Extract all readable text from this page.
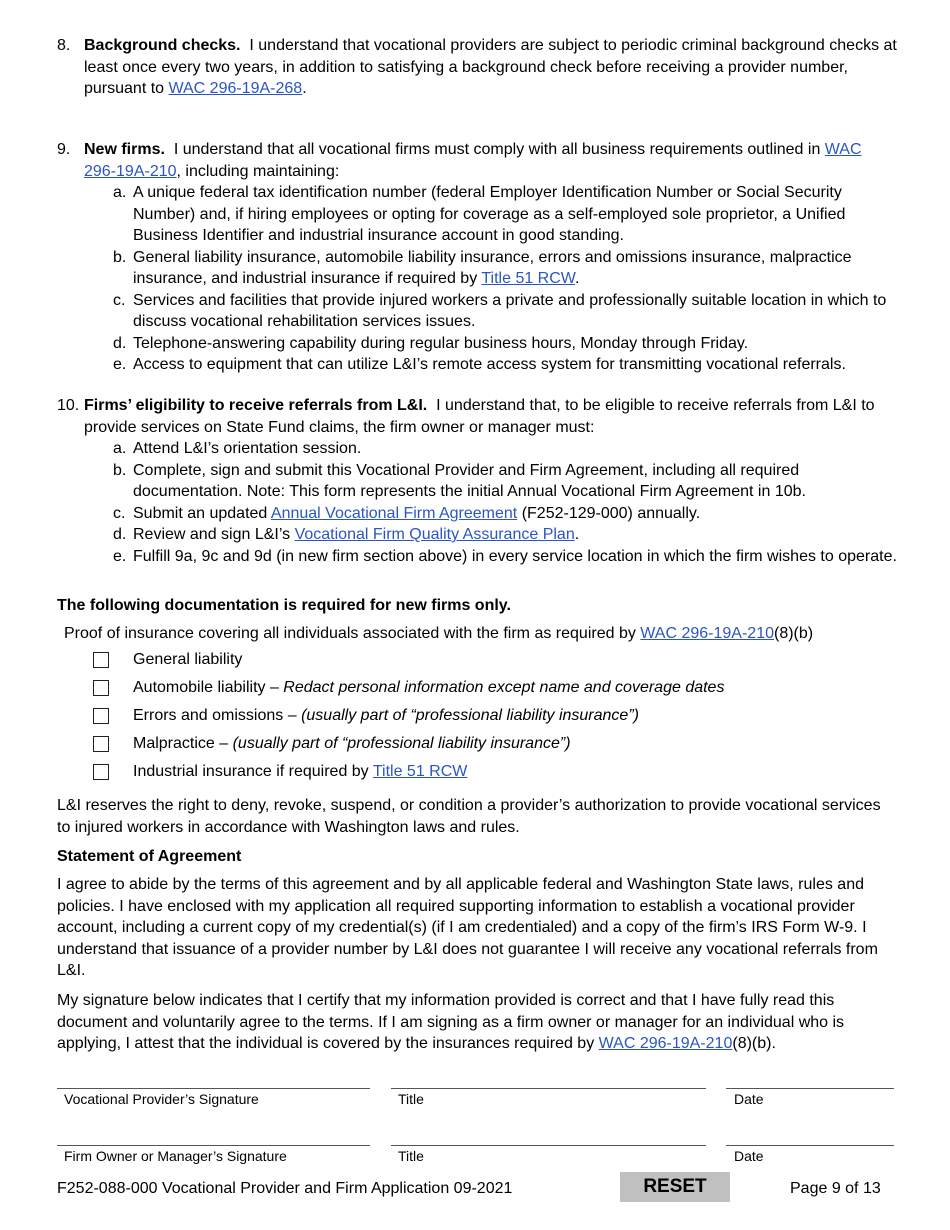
8. Background checks.  I understand that vocational providers are subject to periodic criminal background checks at least once every two years, in addition to satisfying a background check before receiving a provider number, pursuant to WAC 296-19A-268.
9. New firms.  I understand that all vocational firms must comply with all business requirements outlined in WAC 296-19A-210, including maintaining:
a. A unique federal tax identification number (federal Employer Identification Number or Social Security Number) and, if hiring employees or opting for coverage as a self-employed sole proprietor, a Unified Business Identifier and industrial insurance account in good standing.
b. General liability insurance, automobile liability insurance, errors and omissions insurance, malpractice insurance, and industrial insurance if required by Title 51 RCW.
c. Services and facilities that provide injured workers a private and professionally suitable location in which to discuss vocational rehabilitation services issues.
d. Telephone-answering capability during regular business hours, Monday through Friday.
e. Access to equipment that can utilize L&I’s remote access system for transmitting vocational referrals.
10. Firms’ eligibility to receive referrals from L&I.  I understand that, to be eligible to receive referrals from L&I to provide services on State Fund claims, the firm owner or manager must:
a. Attend L&I’s orientation session.
b. Complete, sign and submit this Vocational Provider and Firm Agreement, including all required documentation. Note: This form represents the initial Annual Vocational Firm Agreement in 10b.
c. Submit an updated Annual Vocational Firm Agreement (F252-129-000) annually.
d. Review and sign L&I’s Vocational Firm Quality Assurance Plan.
e. Fulfill 9a, 9c and 9d (in new firm section above) in every service location in which the firm wishes to operate.
The following documentation is required for new firms only.
Proof of insurance covering all individuals associated with the firm as required by WAC 296-19A-210(8)(b)
General liability
Automobile liability – Redact personal information except name and coverage dates
Errors and omissions – (usually part of “professional liability insurance”)
Malpractice – (usually part of “professional liability insurance”)
Industrial insurance if required by Title 51 RCW
L&I reserves the right to deny, revoke, suspend, or condition a provider’s authorization to provide vocational services to injured workers in accordance with Washington laws and rules.
Statement of Agreement
I agree to abide by the terms of this agreement and by all applicable federal and Washington State laws, rules and policies. I have enclosed with my application all required supporting information to establish a vocational provider account, including a current copy of my credential(s) (if I am credentialed) and a copy of the firm’s IRS Form W-9. I understand that issuance of a provider number by L&I does not guarantee I will receive any vocational referrals from L&I.
My signature below indicates that I certify that my information provided is correct and that I have fully read this document and voluntarily agree to the terms. If I am signing as a firm owner or manager for an individual who is applying, I attest that the individual is covered by the insurances required by WAC 296-19A-210(8)(b).
Vocational Provider’s Signature	Title	Date
Firm Owner or Manager’s Signature	Title	Date
F252-088-000 Vocational Provider and Firm Application 09-2021	RESET	Page 9 of 13
